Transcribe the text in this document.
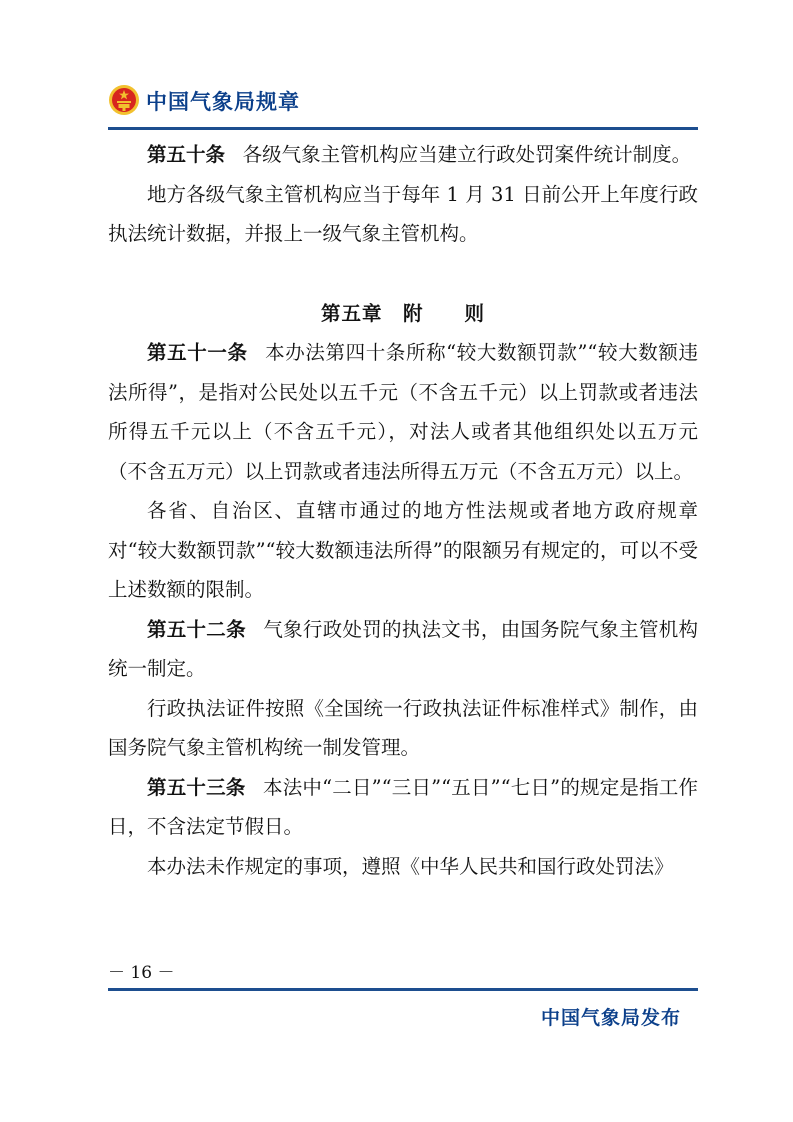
中国气象局规章

第五十条 各级气象主管机构应当建立行政处罚案件统计制度。

地方各级气象主管机构应当于每年 1 月 31 日前公开上年度行政执法统计数据，并报上一级气象主管机构。

第五章　附　　则

第五十一条 本办法第四十条所称“较大数额罚款”“较大数额违法所得”，是指对公民处以五千元（不含五千元）以上罚款或者违法所得五千元以上（不含五千元），对法人或者其他组织处以五万元（不含五万元）以上罚款或者违法所得五万元（不含五万元）以上。

各省、自治区、直辖市通过的地方性法规或者地方政府规章对“较大数额罚款”“较大数额违法所得”的限额另有规定的，可以不受上述数额的限制。

第五十二条 气象行政处罚的执法文书，由国务院气象主管机构统一制定。

行政执法证件按照《全国统一行政执法证件标准样式》制作，由国务院气象主管机构统一制发管理。

第五十三条 本法中“二日”“三日”“五日”“七日”的规定是指工作日，不含法定节假日。

本办法未作规定的事项，遵照《中华人民共和国行政处罚法》

－ 16 －
中国气象局发布
